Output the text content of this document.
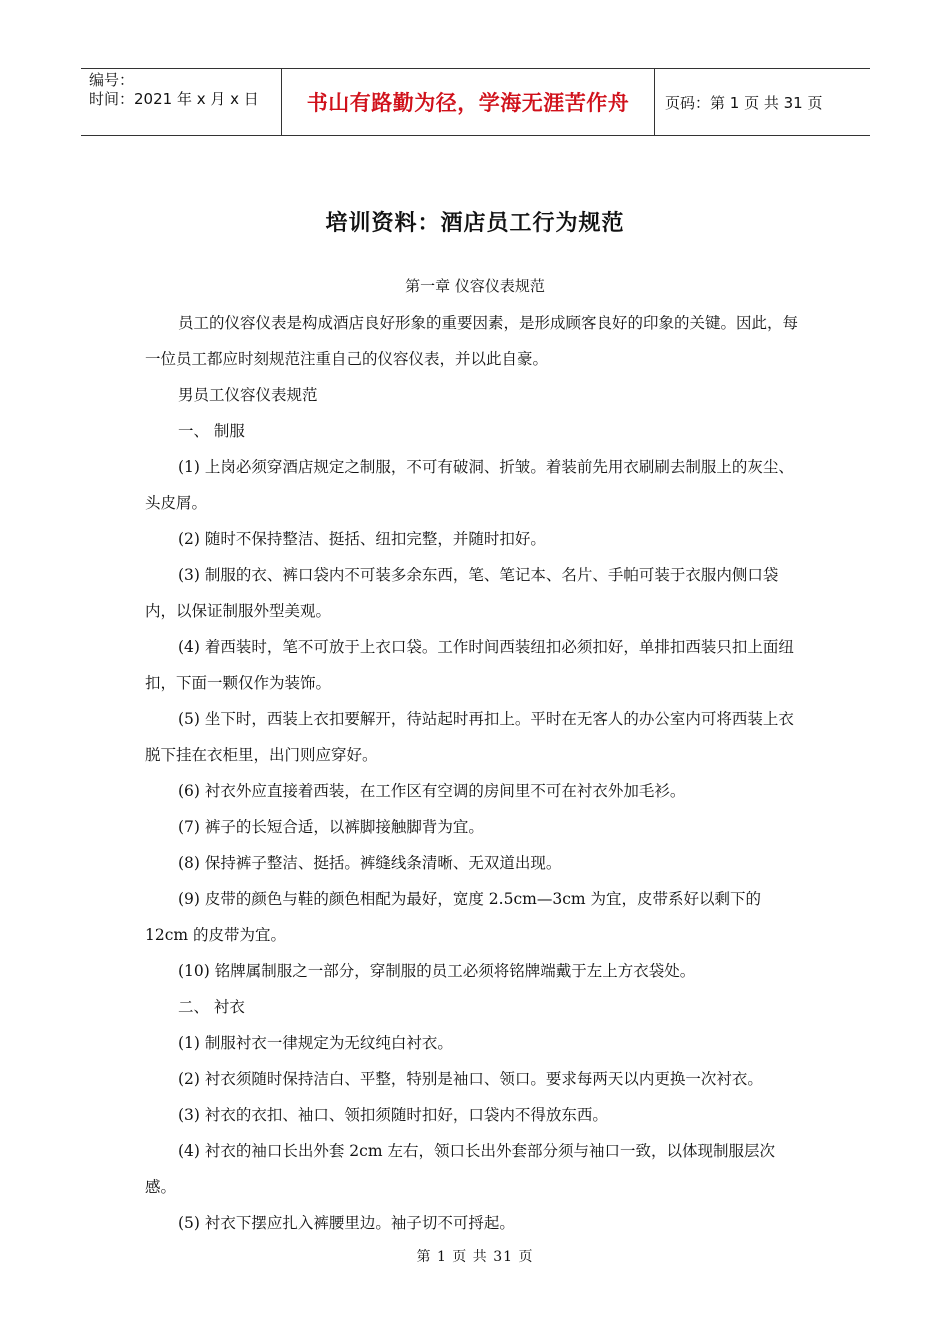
编号：
时间：2021 年 x 月 x 日	书山有路勤为径，学海无涯苦作舟 页码：第 1 页 共 31 页
培训资料：酒店员工行为规范
第一章 仪容仪表规范

员工的仪容仪表是构成酒店良好形象的重要因素，是形成顾客良好的印象的关键。因此，每一位员工都应时刻规范注重自己的仪容仪表，并以此自豪。

男员工仪容仪表规范

一、 制服

(1) 上岗必须穿酒店规定之制服，不可有破洞、折皱。着装前先用衣刷刷去制服上的灰尘、头皮屑。

(2) 随时不保持整洁、挺括、纽扣完整，并随时扣好。

(3) 制服的衣、裤口袋内不可装多余东西，笔、笔记本、名片、手帕可装于衣服内侧口袋内，以保证制服外型美观。

(4) 着西装时，笔不可放于上衣口袋。工作时间西装纽扣必须扣好，单排扣西装只扣上面纽扣，下面一颗仅作为装饰。

(5) 坐下时，西装上衣扣要解开，待站起时再扣上。平时在无客人的办公室内可将西装上衣脱下挂在衣柜里，出门则应穿好。

(6) 衬衣外应直接着西装，在工作区有空调的房间里不可在衬衣外加毛衫。

(7) 裤子的长短合适，以裤脚接触脚背为宜。

(8) 保持裤子整洁、挺括。裤缝线条清晰、无双道出现。

(9) 皮带的颜色与鞋的颜色相配为最好，宽度 2.5cm—3cm 为宜，皮带系好以剩下的 12cm 的皮带为宜。

(10) 铭牌属制服之一部分，穿制服的员工必须将铭牌端戴于左上方衣袋处。

二、 衬衣

(1) 制服衬衣一律规定为无纹纯白衬衣。

(2) 衬衣须随时保持洁白、平整，特别是袖口、领口。要求每两天以内更换一次衬衣。

(3) 衬衣的衣扣、袖口、领扣须随时扣好，口袋内不得放东西。

(4) 衬衣的袖口长出外套 2cm 左右，领口长出外套部分须与袖口一致，以体现制服层次感。

(5) 衬衣下摆应扎入裤腰里边。袖子切不可捋起。

第 1 页 共 31 页
